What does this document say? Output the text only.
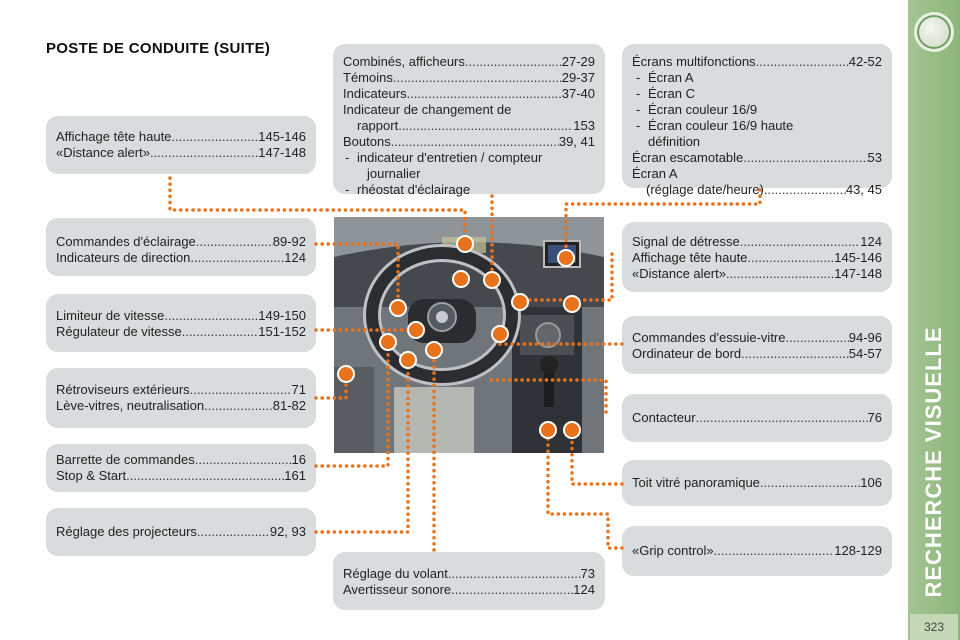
POSTE DE CONDUITE (SUITE)
Combinés, afficheurs .....	27-29
Témoins .....	29-37
Indicateurs .....	37-40
Indicateur de changement de
rapport .....	153
Boutons .....	39, 41
- indicateur d'entretien / compteur
journalier
- rhéostat d'éclairage
Écrans multifonctions .....	42-52
- Écran A
- Écran C
- Écran couleur 16/9
- Écran couleur 16/9 haute
définition
Écran escamotable .....	53
Écran A
(réglage date/heure) .....	43, 45
Affichage tête haute .....	145-146
«Distance alert» .....	147-148
Commandes d'éclairage .....	89-92
Indicateurs de direction .....	124
Limiteur de vitesse .....	149-150
Régulateur de vitesse .....	151-152
Rétroviseurs extérieurs .....	71
Lève-vitres, neutralisation .....	81-82
Barrette de commandes .....	16
Stop & Start .....	161
Réglage des projecteurs .....	92, 93
Réglage du volant .....	73
Avertisseur sonore .....	124
Signal de détresse .....	124
Affichage tête haute .....	145-146
«Distance alert» .....	147-148
Commandes d'essuie-vitre .....	94-96
Ordinateur de bord .....	54-57
Contacteur .....	76
Toit vitré panoramique .....	106
«Grip control» .....	128-129 RECHERCHE VISUELLE
323
